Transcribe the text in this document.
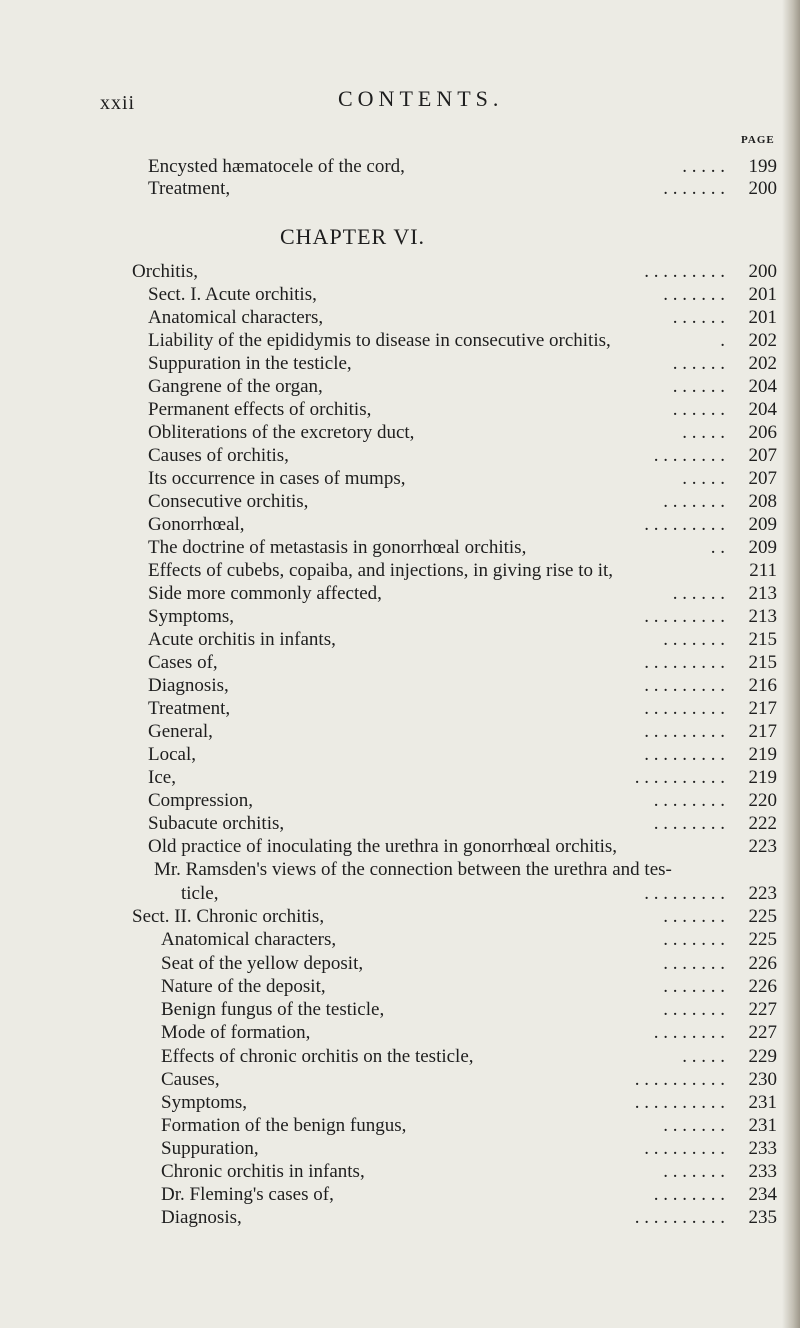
xxii	CONTENTS.
PAGE
CHAPTER VI.
Encysted hæmatocele of the cord,	. . . . .	199
Treatment,	. . . . . . .	200
Orchitis,	. . . . . . . . .	200
Sect. I. Acute orchitis,	. . . . . . .	201
Anatomical characters,	. . . . . .	201
Liability of the epididymis to disease in consecutive orchitis,	.	202
Suppuration in the testicle,	. . . . . .	202
Gangrene of the organ,	. . . . . .	204
Permanent effects of orchitis,	. . . . . .	204
Obliterations of the excretory duct,	. . . . .	206
Causes of orchitis,	. . . . . . . .	207
Its occurrence in cases of mumps,	. . . . .	207
Consecutive orchitis,	. . . . . . .	208
Gonorrhœal,	. . . . . . . . .	209
The doctrine of metastasis in gonorrhœal orchitis,	. .	209
Effects of cubebs, copaiba, and injections, in giving rise to it,	211
Side more commonly affected,	. . . . . .	213
Symptoms,	. . . . . . . . .	213
Acute orchitis in infants,	. . . . . . .	215
Cases of,	. . . . . . . . .	215
Diagnosis,	. . . . . . . . .	216
Treatment,	. . . . . . . . .	217
General,	. . . . . . . . .	217
Local,	. . . . . . . . .	219
Ice,	. . . . . . . . . .	219
Compression,	. . . . . . . .	220
Subacute orchitis,	. . . . . . . .	222
Old practice of inoculating the urethra in gonorrhœal orchitis,	223
Mr. Ramsden's views of the connection between the urethra and tes-
ticle,	. . . . . . . . .	223
Sect. II. Chronic orchitis,	. . . . . . .	225
Anatomical characters,	. . . . . . .	225
Seat of the yellow deposit,	. . . . . . .	226
Nature of the deposit,	. . . . . . .	226
Benign fungus of the testicle,	. . . . . . .	227
Mode of formation,	. . . . . . . .	227
Effects of chronic orchitis on the testicle,	. . . . .	229
Causes,	. . . . . . . . . .	230
Symptoms,	. . . . . . . . . .	231
Formation of the benign fungus,	. . . . . . .	231
Suppuration,	. . . . . . . . .	233
Chronic orchitis in infants,	. . . . . . .	233
Dr. Fleming's cases of,	. . . . . . . .	234
Diagnosis,	. . . . . . . . . .	235
